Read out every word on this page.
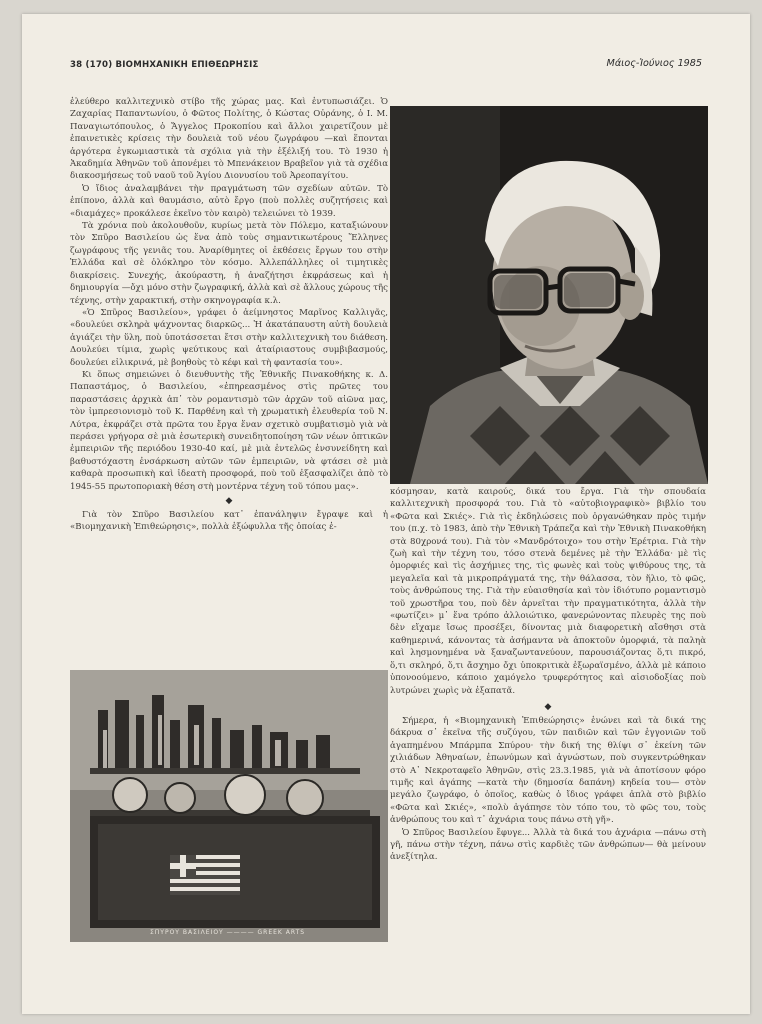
38 (170) ΒΙΟΜΗΧΑΝΙΚΗ ΕΠΙΘΕΩΡΗΣΙΣ	Μάιος-Ἰούνιος 1985

ἐλεύθερο καλλιτεχνικὸ στίβο τῆς χώρας μας. Καὶ ἐντυπωσιάζει. Ὁ Ζαχαρίας Παπαντωνίου, ὁ Φῶτος Πολίτης, ὁ Κώστας Οὐράνης, ὁ Ι. Μ. Παναγιωτόπουλος, ὁ Ἄγγελος Προκοπίου καὶ ἄλλοι χαιρετίζουν μὲ ἐπαινετικὲς κρίσεις τὴν δουλειὰ τοῦ νέου ζωγράφου —καὶ ἕπονται ἀργότερα ἐγκωμιαστικὰ τὰ σχόλια γιὰ τὴν ἐξέλιξή του. Τὸ 1930 ἡ Ἀκαδημία Ἀθηνῶν τοῦ ἀπονέμει τὸ Μπενάκειον Βραβεῖον γιὰ τὰ σχέδια διακοσμήσεως τοῦ ναοῦ τοῦ Ἁγίου Διονυσίου τοῦ Ἀρεοπαγίτου.

Ὁ ἴδιος ἀναλαμβάνει τὴν πραγμάτωση τῶν σχεδίων αὐτῶν. Τὸ ἐπίπονο, ἀλλὰ καὶ θαυμάσιο, αὐτὸ ἔργο (ποὺ πολλὲς συζητήσεις καὶ «διαμάχες» προκάλεσε ἐκεῖνο τὸν καιρὸ) τελειώνει τὸ 1939.

Τὰ χρόνια ποὺ ἀκολουθοῦν, κυρίως μετὰ τὸν Πόλεμο, καταξιώνουν τὸν Σπῦρο Βασιλείου ὡς ἕνα ἀπὸ τοὺς σημαντικωτέρους Ἕλληνες ζωγράφους τῆς γενιᾶς του. Ἀναρίθμητες οἱ ἐκθέσεις ἔργων του στὴν Ἑλλάδα καὶ σὲ ὁλόκληρο τὸν κόσμο. Ἀλλεπάλληλες οἱ τιμητικὲς διακρίσεις. Συνεχής, ἀκούραστη, ἡ ἀναζήτησι ἐκφράσεως καὶ ἡ δημιουργία —ὄχι μόνο στὴν ζωγραφική, ἀλλὰ καὶ σὲ ἄλλους χώρους τῆς τέχνης, στὴν χαρακτική, στὴν σκηνογραφία κ.λ.

«Ὁ Σπῦρος Βασιλείου», γράφει ὁ ἀείμνηστος Μαρῖνος Καλλιγᾶς, «δουλεύει σκληρὰ ψάχνοντας διαρκῶς... Ἡ ἀκατάπαυστη αὐτὴ δουλειὰ ἀγιάζει τὴν ὕλη, ποὺ ὑποτάσσεται ἔτσι στὴν καλλιτεχνικὴ του διάθεση. Δουλεύει τίμια, χωρὶς ψεύτικους καὶ ἀταίριαστους συμβιβασμούς, δουλεύει εἰλικρινά, μὲ βοηθοὺς τὸ κέφι καὶ τὴ φαντασία του».

Κι ὅπως σημειώνει ὁ διευθυντὴς τῆς Ἐθνικῆς Πινακοθήκης κ. Δ. Παπαστάμος, ὁ Βασιλείου, «ἐπηρεασμένος στὶς πρῶτες του παραστάσεις ἀρχικὰ ἀπ᾽ τὸν ρομαντισμὸ τῶν ἀρχῶν τοῦ αἰῶνα μας, τὸν ἰμπρεσιονισμὸ τοῦ Κ. Παρθένη καὶ τὴ χρωματικὴ ἐλευθερία τοῦ Ν. Λύτρα, ἐκφράζει στὰ πρῶτα του ἔργα ἕναν σχετικὸ συμβατισμὸ γιὰ νὰ περάσει γρήγορα σὲ μιὰ ἐσωτερικὴ συνειδητοποίηση τῶν νέων ὀπτικῶν ἐμπειριῶν τῆς περιόδου 1930-40 καί, μὲ μιὰ ἐντελῶς ἐνσυνείδητη καὶ βαθυστόχαστη ἐνσάρκωση αὐτῶν τῶν ἐμπειριῶν, νὰ φτάσει σὲ μιὰ καθαρὰ προσωπικὴ καὶ ἰδεατὴ προσφορά, ποὺ τοῦ ἐξασφαλίζει ἀπὸ τὸ 1945-55 πρωτοποριακὴ θέση στὴ μοντέρνα τέχνη τοῦ τόπου μας».

◆

Γιὰ τὸν Σπῦρο Βασιλείου κατ᾽ ἐπανάληψιν ἔγραψε καὶ ἡ «Βιομηχανικὴ Ἐπιθεώρησις», πολλὰ ἐξώφυλλα τῆς ὁποίας ἐ-

κόσμησαν, κατὰ καιρούς, δικά του ἔργα. Γιὰ τὴν σπουδαία καλλιτεχνικὴ προσφορά του. Γιὰ τὸ «αὐτοβιογραφικὸ» βιβλίο του «Φῶτα καὶ Σκιές». Γιὰ τὶς ἐκδηλώσεις ποὺ ὀργανώθηκαν πρὸς τιμήν του (π.χ. τὸ 1983, ἀπὸ τὴν Ἐθνικὴ Τράπεζα καὶ τὴν Ἐθνικὴ Πινακοθήκη στὰ 80χρονά του). Γιὰ τὸν «Μανδρότοιχο» του στὴν Ἐρέτρια. Γιὰ τὴν ζωὴ καὶ τὴν τέχνη του, τόσο στενὰ δεμένες μὲ τὴν Ἑλλάδα· μὲ τὶς ὀμορφιές καὶ τὶς ἀσχήμιες της, τὶς φωνὲς καὶ τοὺς ψιθύρους της, τὰ μεγαλεῖα καὶ τὰ μικροπράγματά της, τὴν θάλασσα, τὸν ἥλιο, τὸ φῶς, τοὺς ἀνθρώπους της. Γιὰ τὴν εὐαισθησία καὶ τὸν ἰδιότυπο ρομαντισμὸ τοῦ χρωστῆρα του, ποὺ δὲν ἀρνεῖται τὴν πραγματικότητα, ἀλλὰ τὴν «φωτίζει» μ᾽ ἕνα τρόπο ἀλλοιώτικο, φανερώνοντας πλευρὲς της ποὺ δὲν εἴχαμε ἴσως προσέξει, δίνοντας μιὰ διαφορετικὴ αἴσθησι στὰ καθημερινά, κάνοντας τὰ ἀσήμαντα νὰ ἀποκτοῦν ὀμορφιά, τὰ παληὰ καὶ λησμονημένα νὰ ξαναζωντανεύουν, παρουσιάζοντας ὅ,τι πικρό, ὅ,τι σκληρό, ὅ,τι ἄσχημο ὄχι ὑποκριτικὰ ἐξωραϊσμένο, ἀλλὰ μὲ κάποιο ὑπονοούμενο, κάποιο χαμόγελο τρυφερότητος καὶ αἰσιοδοξίας ποὺ λυτρώνει χωρὶς νὰ ἐξαπατᾶ.

◆

Σήμερα, ἡ «Βιομηχανικὴ Ἐπιθεώρησις» ἑνώνει καὶ τὰ δικά της δάκρυα σ᾽ ἐκεῖνα τῆς συζύγου, τῶν παιδιῶν καὶ τῶν ἐγγονιῶν τοῦ ἀγαπημένου Μπάρμπα Σπύρου· τὴν δική της θλίψι σ᾽ ἐκείνη τῶν χιλιάδων Ἀθηναίων, ἐπωνύμων καὶ ἀγνώστων, ποὺ συγκεντρώθηκαν στὸ Α᾽ Νεκροταφεῖο Ἀθηνῶν, στὶς 23.3.1985, γιὰ νὰ ἀποτίσουν φόρο τιμῆς καὶ ἀγάπης —κατὰ τὴν (δημοσία δαπάνη) κηδεία του— στὸν μεγάλο ζωγράφο, ὁ ὁποῖος, καθὼς ὁ ἴδιος γράφει ἁπλὰ στὸ βιβλίο «Φῶτα καὶ Σκιές», «πολὺ ἀγάπησε τὸν τόπο του, τὸ φῶς του, τοὺς ἀνθρώπους του καὶ τ᾽ ἀχνάρια τους πάνω στὴ γῆ».

Ὁ Σπῦρος Βασιλείου ἔφυγε... Ἀλλὰ τὰ δικά του ἀχνάρια —πάνω στὴ γῆ, πάνω στὴν τέχνη, πάνω στὶς καρδιὲς τῶν ἀνθρώπων— θὰ μείνουν ἀνεξίτηλα.

ΣΠΥΡΟΥ ΒΑΣΙΛΕΙΟΥ ———— GREEK ARTS
